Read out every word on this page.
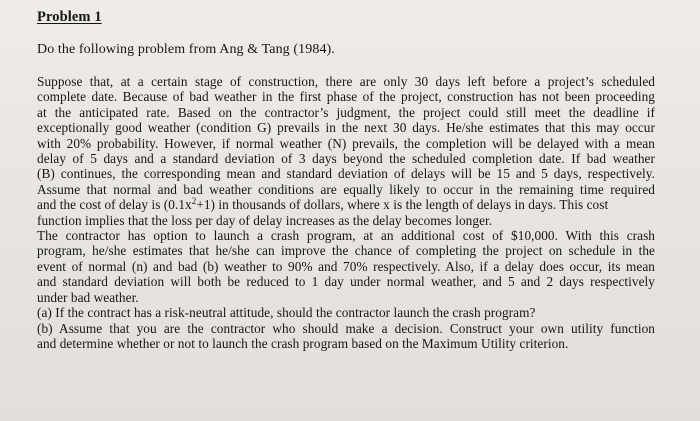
Problem 1
Do the following problem from Ang & Tang (1984).
Suppose that, at a certain stage of construction, there are only 30 days left before a project’s scheduled
complete date. Because of bad weather in the first phase of the project, construction has not been proceeding
at the anticipated rate. Based on the contractor’s judgment, the project could still meet the deadline if
exceptionally good weather (condition G) prevails in the next 30 days. He/she estimates that this may occur
with 20% probability. However, if normal weather (N) prevails, the completion will be delayed with a mean
delay of 5 days and a standard deviation of 3 days beyond the scheduled completion date. If bad weather
(B) continues, the corresponding mean and standard deviation of delays will be 15 and 5 days, respectively.
Assume that normal and bad weather conditions are equally likely to occur in the remaining time required
and the cost of delay is $(0.1x^2+1)$ in thousands of dollars, where x is the length of delays in days. This cost
function implies that the loss per day of delay increases as the delay becomes longer.
The contractor has option to launch a crash program, at an additional cost of $10,000. With this crash
program, he/she estimates that he/she can improve the chance of completing the project on schedule in the
event of normal (n) and bad (b) weather to 90% and 70% respectively. Also, if a delay does occur, its mean
and standard deviation will both be reduced to 1 day under normal weather, and 5 and 2 days respectively
under bad weather.
(a) If the contract has a risk-neutral attitude, should the contractor launch the crash program?
(b) Assume that you are the contractor who should make a decision. Construct your own utility function
and determine whether or not to launch the crash program based on the Maximum Utility criterion.
